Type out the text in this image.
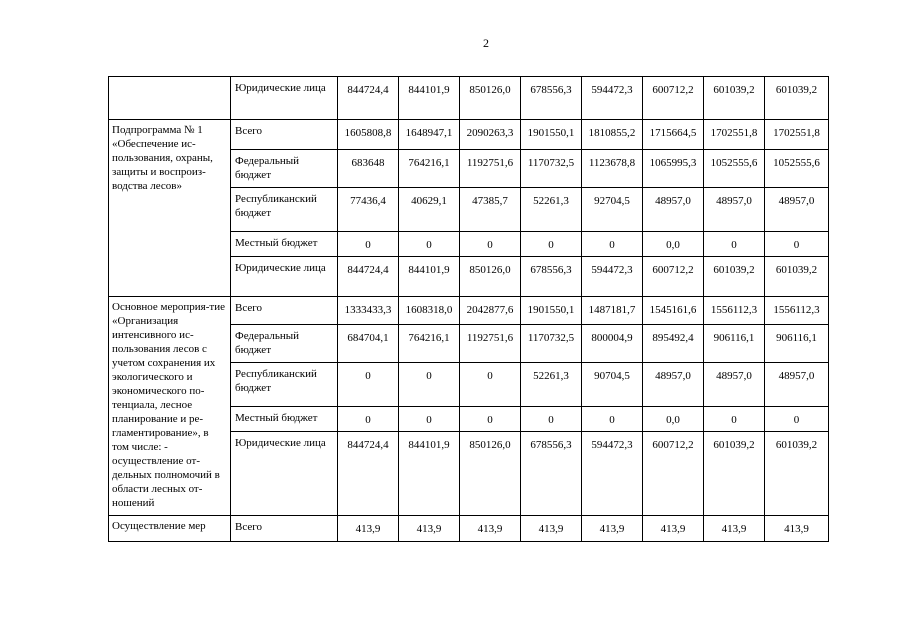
2
	Юридические лица	844724,4	844101,9	850126,0	678556,3	594472,3	600712,2	601039,2	601039,2
Подпрограмма № 1 «Обеспечение ис-пользования, охраны, защиты и воспроиз-водства лесов»	Всего	1605808,8	1648947,1	2090263,3	1901550,1	1810855,2	1715664,5	1702551,8	1702551,8
	Федеральный бюджет	683648	764216,1	1192751,6	1170732,5	1123678,8	1065995,3	1052555,6	1052555,6
	Республиканский бюджет	77436,4	40629,1	47385,7	52261,3	92704,5	48957,0	48957,0	48957,0
	Местный бюджет	0	0	0	0	0	0,0	0	0
	Юридические лица	844724,4	844101,9	850126,0	678556,3	594472,3	600712,2	601039,2	601039,2
Основное мероприя-тие «Организация интенсивного ис-пользования лесов с учетом сохранения их экологического и экономического по-тенциала, лесное планирование и ре-гламентирование», в том числе: - осуществление от-дельных полномочий в области лесных от-ношений	Всего	1333433,3	1608318,0	2042877,6	1901550,1	1487181,7	1545161,6	1556112,3	1556112,3
	Федеральный бюджет	684704,1	764216,1	1192751,6	1170732,5	800004,9	895492,4	906116,1	906116,1
	Республиканский бюджет	0	0	0	52261,3	90704,5	48957,0	48957,0	48957,0
	Местный бюджет	0	0	0	0	0	0,0	0	0
	Юридические лица	844724,4	844101,9	850126,0	678556,3	594472,3	600712,2	601039,2	601039,2
Осуществление мер	Всего	413,9	413,9	413,9	413,9	413,9	413,9	413,9	413,9
